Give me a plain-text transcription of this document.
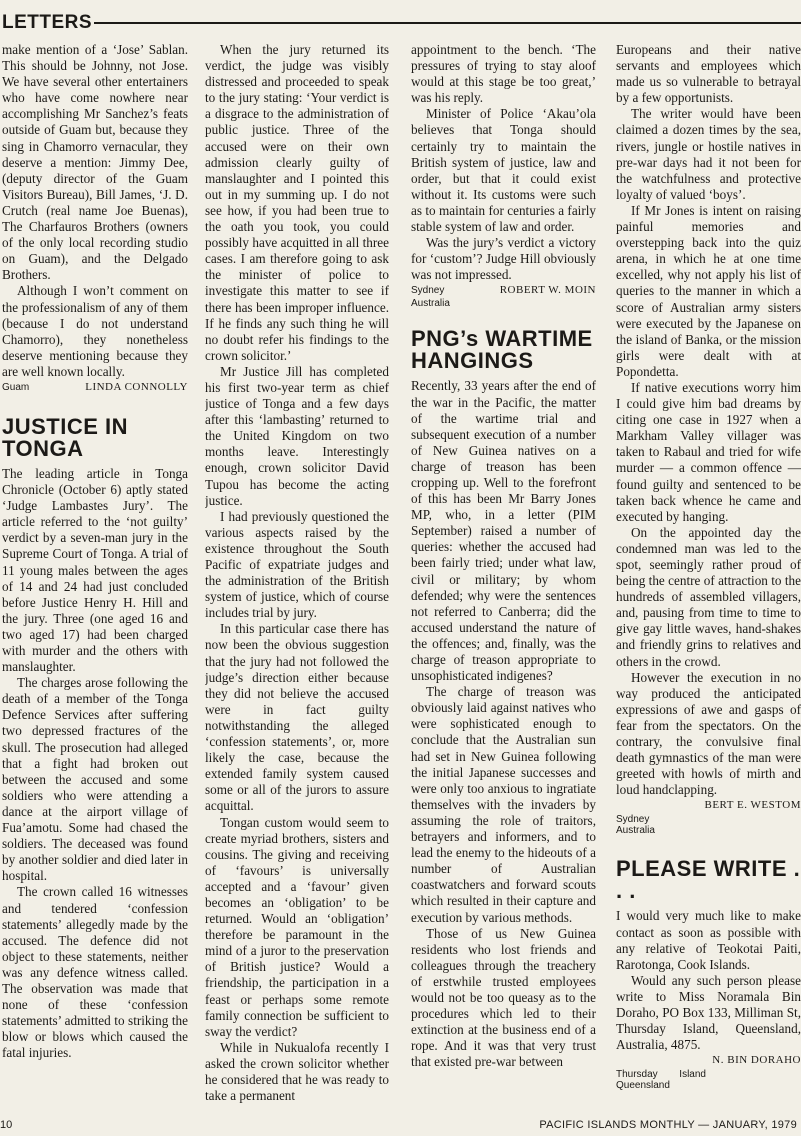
LETTERS

make mention of a ‘Jose’ Sablan. This should be Johnny, not Jose. We have several other entertainers who have come nowhere near accomplishing Mr Sanchez’s feats outside of Guam but, because they sing in Chamorro vernacular, they deserve a mention: Jimmy Dee, (deputy director of the Guam Visitors Bureau), Bill James, ‘J. D. Crutch (real name Joe Buenas), The Charfauros Brothers (owners of the only local recording studio on Guam), and the Delgado Brothers.

Although I won’t comment on the professionalism of any of them (because I do not understand Chamorro), they nonetheless deserve mentioning because they are well known locally.

Guam	LINDA CONNOLLY
JUSTICE IN TONGA

The leading article in Tonga Chronicle (October 6) aptly stated ‘Judge Lambastes Jury’. The article referred to the ‘not guilty’ verdict by a seven-man jury in the Supreme Court of Tonga. A trial of 11 young males between the ages of 14 and 24 had just concluded before Justice Henry H. Hill and the jury. Three (one aged 16 and two aged 17) had been charged with murder and the others with manslaughter.

The charges arose following the death of a member of the Tonga Defence Services after suffering two depressed fractures of the skull. The prosecution had alleged that a fight had broken out between the accused and some soldiers who were attending a dance at the airport village of Fua’amotu. Some had chased the soldiers. The deceased was found by another soldier and died later in hospital.

The crown called 16 witnesses and tendered ‘confession statements’ allegedly made by the accused. The defence did not object to these statements, neither was any defence witness called. The observation was made that none of these ‘confession statements’ admitted to striking the blow or blows which caused the fatal injuries.

When the jury returned its verdict, the judge was visibly distressed and proceeded to speak to the jury stating: ‘Your verdict is a disgrace to the administration of public justice. Three of the accused were on their own admission clearly guilty of manslaughter and I pointed this out in my summing up. I do not see how, if you had been true to the oath you took, you could possibly have acquitted in all three cases. I am therefore going to ask the minister of police to investigate this matter to see if there has been improper influence. If he finds any such thing he will no doubt refer his findings to the crown solicitor.’

Mr Justice Jill has completed his first two-year term as chief justice of Tonga and a few days after this ‘lambasting’ returned to the United Kingdom on two months leave. Interestingly enough, crown solicitor David Tupou has become the acting justice.

I had previously questioned the various aspects raised by the existence throughout the South Pacific of expatriate judges and the administration of the British system of justice, which of course includes trial by jury.

In this particular case there has now been the obvious suggestion that the jury had not followed the judge’s direction either because they did not believe the accused were in fact guilty notwithstanding the alleged ‘confession statements’, or, more likely the case, because the extended family system caused some or all of the jurors to assure acquittal.

Tongan custom would seem to create myriad brothers, sisters and cousins. The giving and receiving of ‘favours’ is universally accepted and a ‘favour’ given becomes an ‘obligation’ to be returned. Would an ‘obligation’ therefore be paramount in the mind of a juror to the preservation of British justice? Would a friendship, the participation in a feast or perhaps some remote family connection be sufficient to sway the verdict?

While in Nukualofa recently I asked the crown solicitor whether he considered that he was ready to take a permanent

appointment to the bench. ‘The pressures of trying to stay aloof would at this stage be too great,’ was his reply.

Minister of Police ‘Akau’ola believes that Tonga should certainly try to maintain the British system of justice, law and order, but that it could exist without it. Its customs were such as to maintain for centuries a fairly stable system of law and order.

Was the jury’s verdict a victory for ‘custom’? Judge Hill obviously was not impressed.

Sydney Australia
ROBERT W. MOIN
PNG’s WARTIME HANGINGS

Recently, 33 years after the end of the war in the Pacific, the matter of the wartime trial and subsequent execution of a number of New Guinea natives on a charge of treason has been cropping up. Well to the forefront of this has been Mr Barry Jones MP, who, in a letter (PIM September) raised a number of queries: whether the accused had been fairly tried; under what law, civil or military; by whom defended; why were the sentences not referred to Canberra; did the accused understand the nature of the offences; and, finally, was the charge of treason appropriate to unsophisticated indigenes?

The charge of treason was obviously laid against natives who were sophisticated enough to conclude that the Australian sun had set in New Guinea following the initial Japanese successes and were only too anxious to ingratiate themselves with the invaders by assuming the role of traitors, betrayers and informers, and to lead the enemy to the hideouts of a number of Australian coastwatchers and forward scouts which resulted in their capture and execution by various methods.

Those of us New Guinea residents who lost friends and colleagues through the treachery of erstwhile trusted employees would not be too queasy as to the procedures which led to their extinction at the business end of a rope. And it was that very trust that existed pre-war between

Europeans and their native servants and employees which made us so vulnerable to betrayal by a few opportunists.

The writer would have been claimed a dozen times by the sea, rivers, jungle or hostile natives in pre-war days had it not been for the watchfulness and protective loyalty of valued ‘boys’.

If Mr Jones is intent on raising painful memories and overstepping back into the quiz arena, in which he at one time excelled, why not apply his list of queries to the manner in which a score of Australian army sisters were executed by the Japanese on the island of Banka, or the mission girls were dealt with at Popondetta.

If native executions worry him I could give him bad dreams by citing one case in 1927 when a Markham Valley villager was taken to Rabaul and tried for wife murder — a common offence — found guilty and sentenced to be taken back whence he came and executed by hanging.

On the appointed day the condemned man was led to the spot, seemingly rather proud of being the centre of attraction to the hundreds of assembled villagers, and, pausing from time to time to give gay little waves, hand-shakes and friendly grins to relatives and others in the crowd.

However the execution in no way produced the anticipated expressions of awe and gasps of fear from the spectators. On the contrary, the convulsive final death gymnastics of the man were greeted with howls of mirth and loud handclapping.

BERT E. WESTOM
Sydney Australia
PLEASE WRITE . . .

I would very much like to make contact as soon as possible with any relative of Teokotai Paiti, Rarotonga, Cook Islands.

Would any such person please write to Miss Noramala Bin Doraho, PO Box 133, Milliman St, Thursday Island, Queensland, Australia, 4875.

N. BIN DORAHO
Thursday Island Queensland
10	PACIFIC ISLANDS MONTHLY — JANUARY, 1979
